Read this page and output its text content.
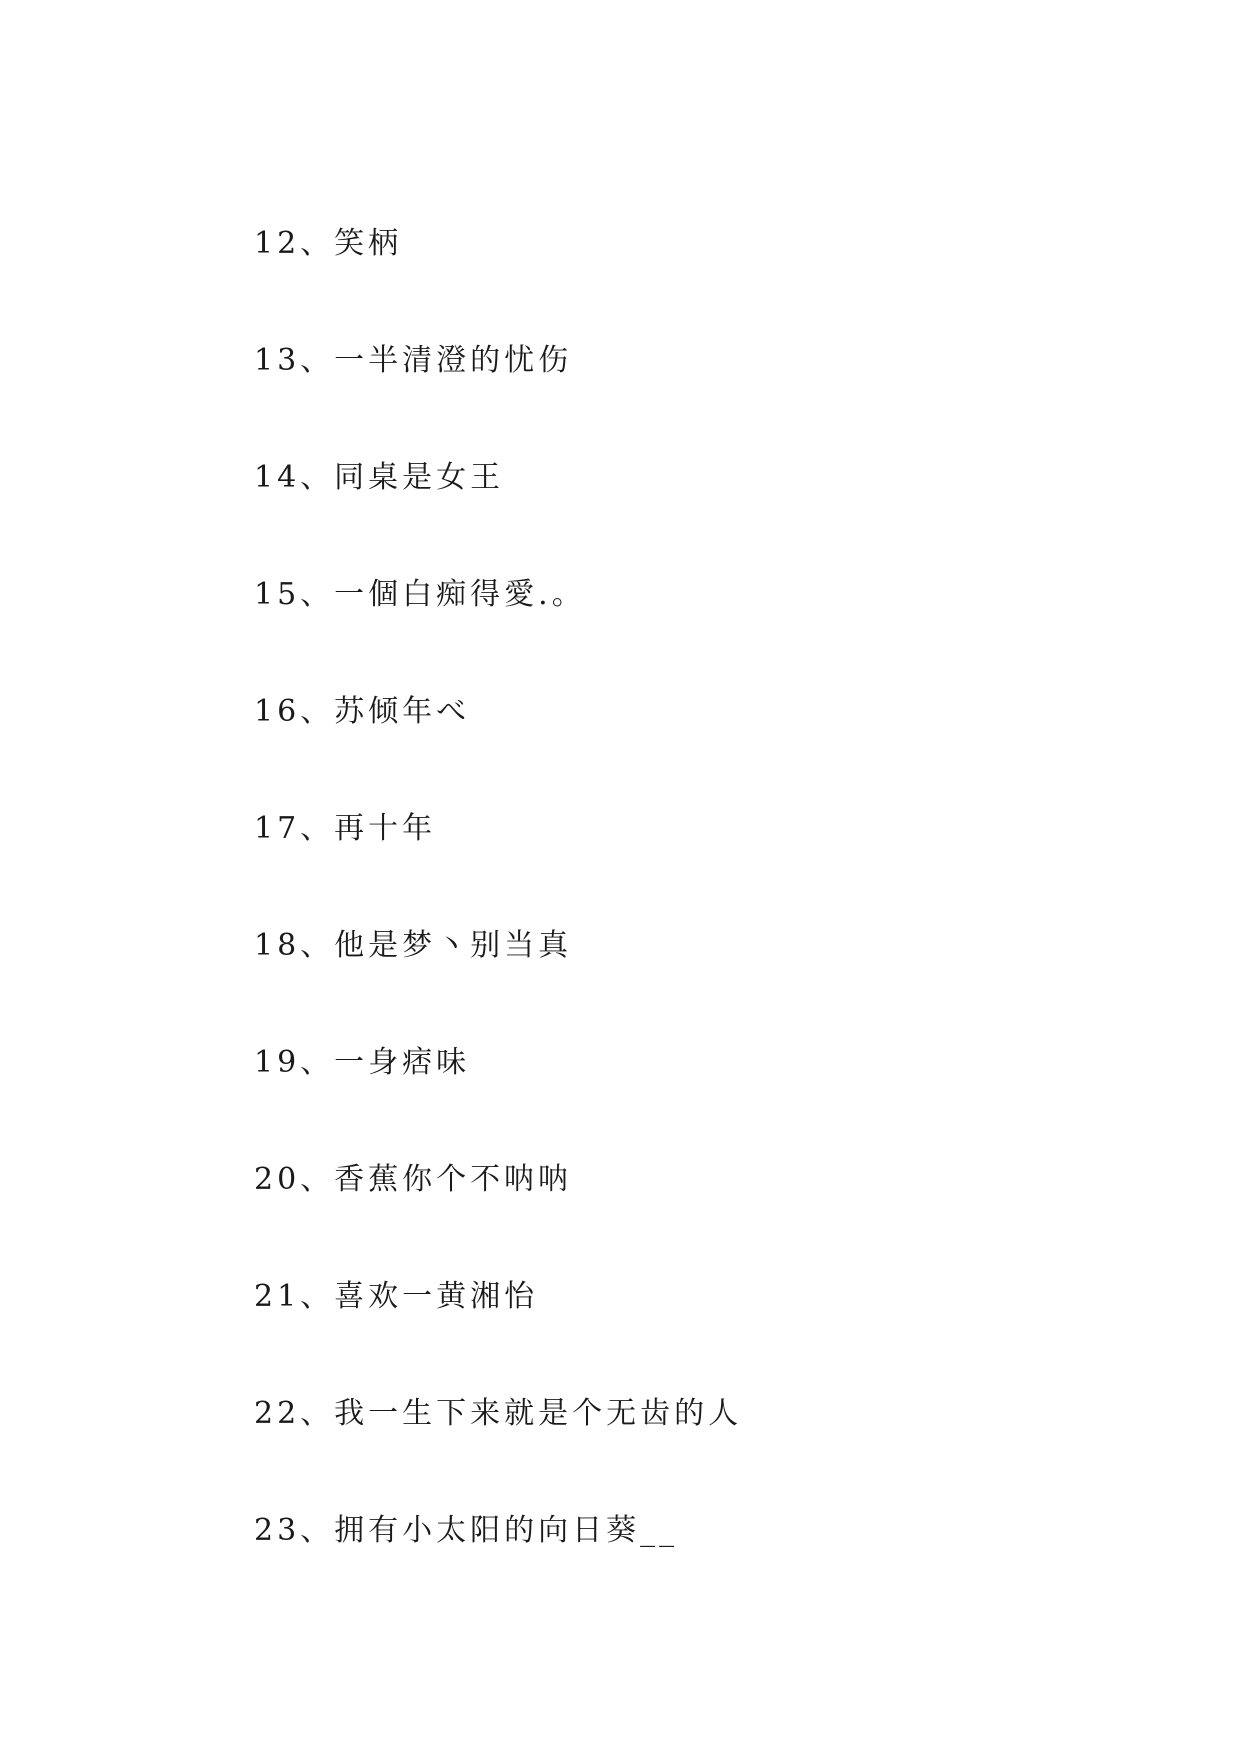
12、笑柄
13、一半清澄的忧伤
14、同桌是女王
15、一個白痴得愛.。
16、苏倾年べ
17、再十年
18、他是梦丶别当真
19、一身痞味
20、香蕉你个不呐呐
21、喜欢一黄湘怡
22、我一生下来就是个无齿的人
23、拥有小太阳的向日葵__
